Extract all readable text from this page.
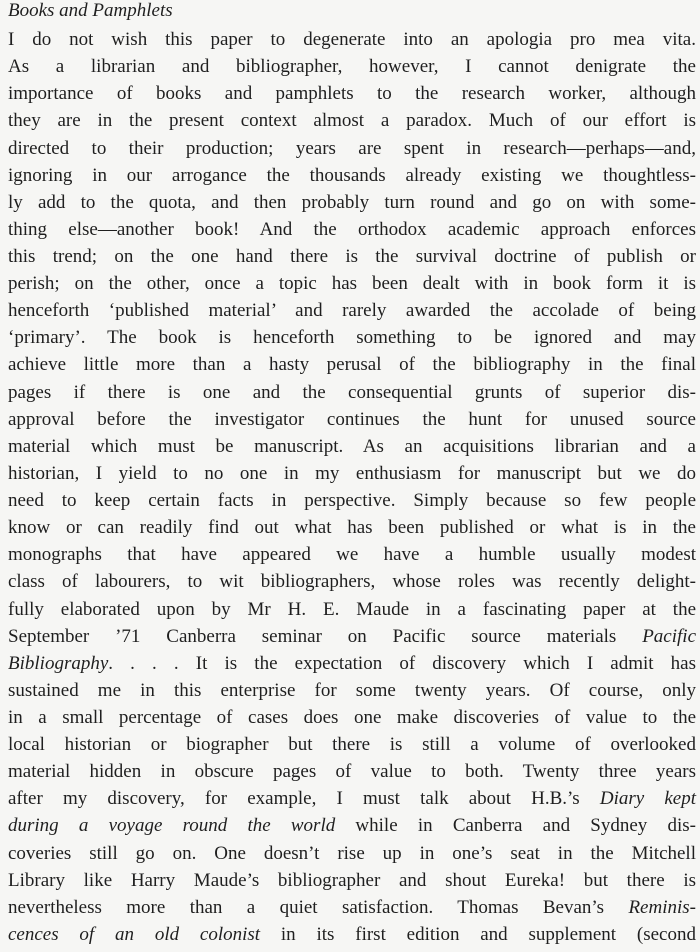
Books and Pamphlets
I do not wish this paper to degenerate into an apologia pro mea vita.
As a librarian and bibliographer, however, I cannot denigrate the
importance of books and pamphlets to the research worker, although
they are in the present context almost a paradox. Much of our effort is
directed to their production; years are spent in research—perhaps—and,
ignoring in our arrogance the thousands already existing we thoughtless-
ly add to the quota, and then probably turn round and go on with some-
thing else—another book! And the orthodox academic approach enforces
this trend; on the one hand there is the survival doctrine of publish or
perish; on the other, once a topic has been dealt with in book form it is
henceforth ‘published material’ and rarely awarded the accolade of being
‘primary’. The book is henceforth something to be ignored and may
achieve little more than a hasty perusal of the bibliography in the final
pages if there is one and the consequential grunts of superior dis-
approval before the investigator continues the hunt for unused source
material which must be manuscript. As an acquisitions librarian and a
historian, I yield to no one in my enthusiasm for manuscript but we do
need to keep certain facts in perspective. Simply because so few people
know or can readily find out what has been published or what is in the
monographs that have appeared we have a humble usually modest
class of labourers, to wit bibliographers, whose roles was recently delight-
fully elaborated upon by Mr H. E. Maude in a fascinating paper at the
September ’71 Canberra seminar on Pacific source materials Pacific
Bibliography. . . . It is the expectation of discovery which I admit has
sustained me in this enterprise for some twenty years. Of course, only
in a small percentage of cases does one make discoveries of value to the
local historian or biographer but there is still a volume of overlooked
material hidden in obscure pages of value to both. Twenty three years
after my discovery, for example, I must talk about H.B.’s Diary kept
during a voyage round the world while in Canberra and Sydney dis-
coveries still go on. One doesn’t rise up in one’s seat in the Mitchell
Library like Harry Maude’s bibliographer and shout Eureka! but there is
nevertheless more than a quiet satisfaction. Thomas Bevan’s Reminis-
cences of an old colonist in its first edition and supplement (second
